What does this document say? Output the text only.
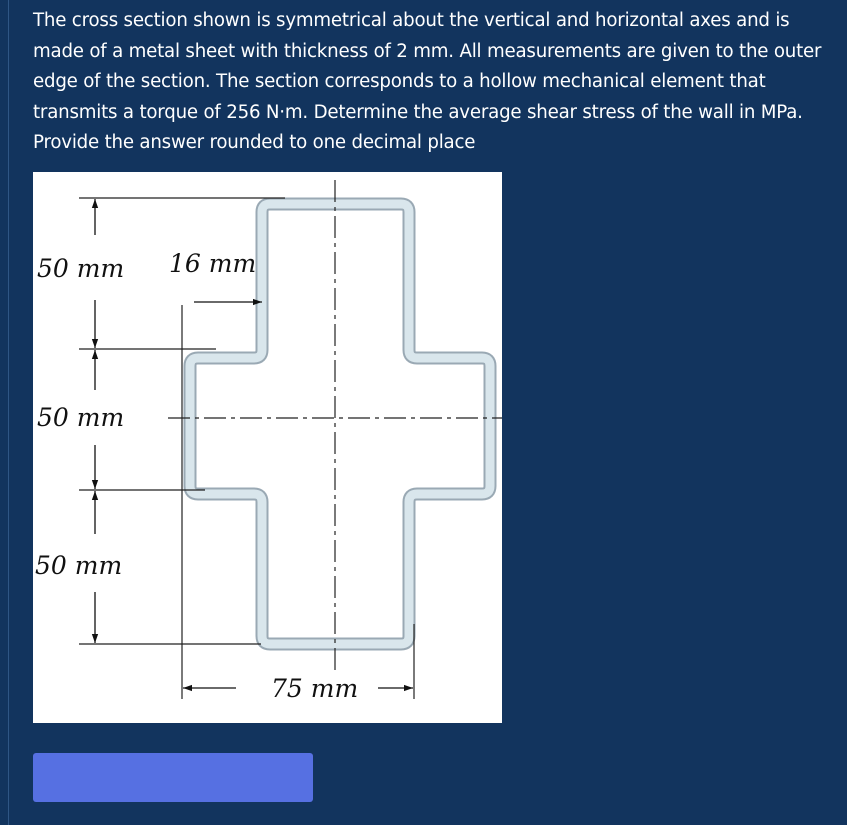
The cross section shown is symmetrical about the vertical and horizontal axes and is made of a metal sheet with thickness of 2 mm. All measurements are given to the outer edge of the section. The section corresponds to a hollow mechanical element that transmits a torque of 256 N·m. Determine the average shear stress of the wall in MPa. Provide the answer rounded to one decimal place
50 mm
50 mm
50 mm
16 mm
75 mm
